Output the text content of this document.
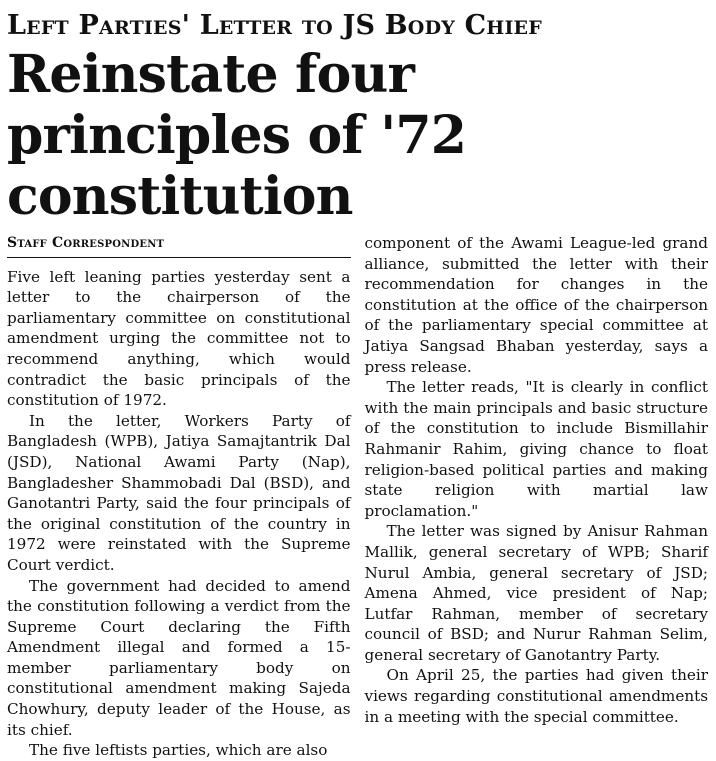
Left Parties' Letter to JS Body Chief
Reinstate four principles of '72 constitution
Staff Correspondent

Five left leaning parties yesterday sent a letter to the chairperson of the parliamentary committee on constitutional amendment urging the committee not to recommend anything, which would contradict the basic principals of the constitution of 1972.

In the letter, Workers Party of Bangladesh (WPB), Jatiya Samajtantrik Dal (JSD), National Awami Party (Nap), Bangladesher Shammobadi Dal (BSD), and Ganotantri Party, said the four principals of the original constitution of the country in 1972 were reinstated with the Supreme Court verdict.

The government had decided to amend the constitution following a verdict from the Supreme Court declaring the Fifth Amendment illegal and formed a 15-member parliamentary body on constitutional amendment making Sajeda Chowhury, deputy leader of the House, as its chief.

The five leftists parties, which are also

component of the Awami League-led grand alliance, submitted the letter with their recommendation for changes in the constitution at the office of the chairperson of the parliamentary special committee at Jatiya Sangsad Bhaban yesterday, says a press release.

The letter reads, "It is clearly in conflict with the main principals and basic structure of the constitution to include Bismillahir Rahmanir Rahim, giving chance to float religion-based political parties and making state religion with martial law proclamation."

The letter was signed by Anisur Rahman Mallik, general secretary of WPB; Sharif Nurul Ambia, general secretary of JSD; Amena Ahmed, vice president of Nap; Lutfar Rahman, member of secretary council of BSD; and Nurur Rahman Selim, general secretary of Ganotantry Party.

On April 25, the parties had given their views regarding constitutional amendments in a meeting with the special committee.
